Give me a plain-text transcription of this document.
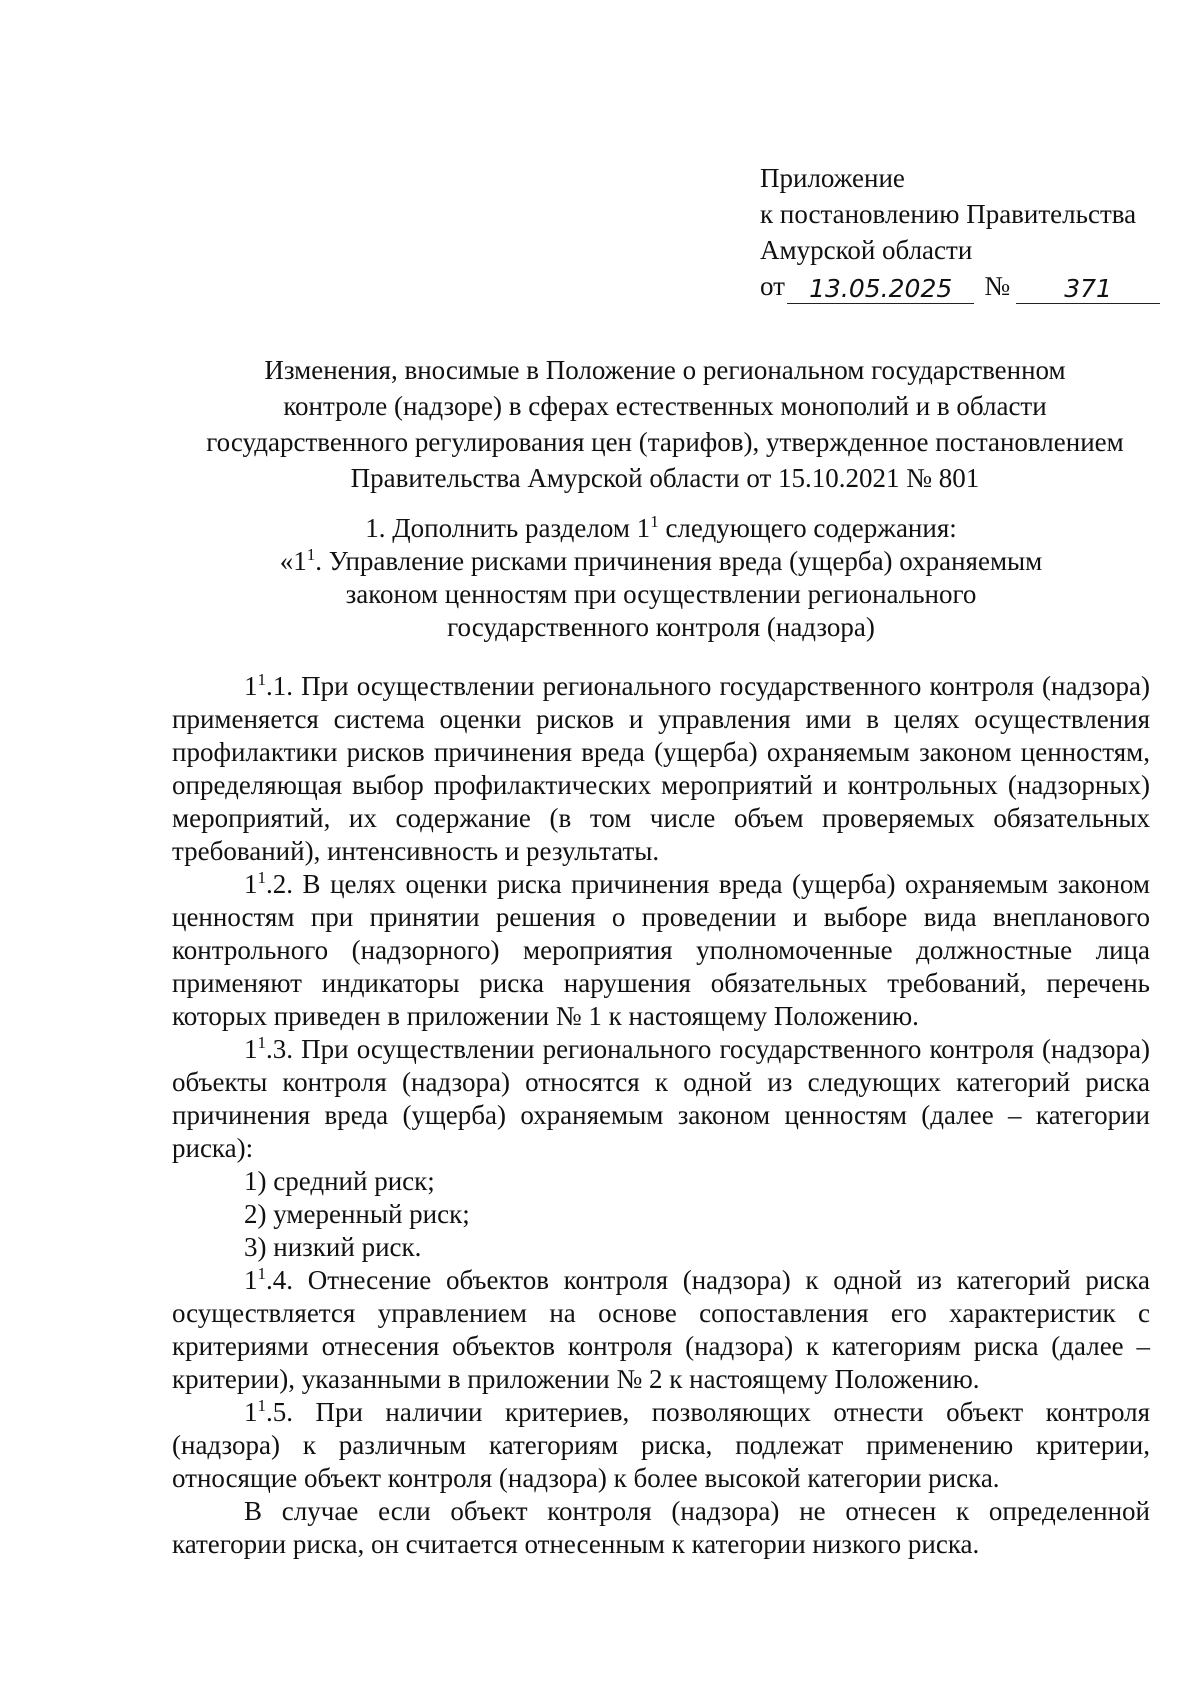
Приложение
к постановлению Правительства
Амурской области
от 13.05.2025	№	371
Изменения, вносимые в Положение о региональном государственном
контроле (надзоре) в сферах естественных монополий и в области
государственного регулирования цен (тарифов), утвержденное постановлением
Правительства Амурской области от 15.10.2021 № 801
1. Дополнить разделом $1^1$ следующего содержания:
«$1^1$. Управление рисками причинения вреда (ущерба) охраняемым
законом ценностям при осуществлении регионального
государственного контроля (надзора)

$1^1.1$. При осуществлении регионального государственного контроля (надзора) применяется система оценки рисков и управления ими в целях осуществления профилактики рисков причинения вреда (ущерба) охраняемым законом ценностям, определяющая выбор профилактических мероприятий и контрольных (надзорных) мероприятий, их содержание (в том числе объем проверяемых обязательных требований), интенсивность и результаты.

$1^1.2$. В целях оценки риска причинения вреда (ущерба) охраняемым законом ценностям при принятии решения о проведении и выборе вида внепланового контрольного (надзорного) мероприятия уполномоченные должностные лица применяют индикаторы риска нарушения обязательных требований, перечень которых приведен в приложении № 1 к настоящему Положению.

$1^1.3$. При осуществлении регионального государственного контроля (надзора) объекты контроля (надзора) относятся к одной из следующих категорий риска причинения вреда (ущерба) охраняемым законом ценностям (далее – категории риска):

1) средний риск;

2) умеренный риск;

3) низкий риск.

$1^1.4$. Отнесение объектов контроля (надзора) к одной из категорий риска осуществляется управлением на основе сопоставления его характеристик с критериями отнесения объектов контроля (надзора) к категориям риска (далее – критерии), указанными в приложении № 2 к настоящему Положению.

$1^1.5$. При наличии критериев, позволяющих отнести объект контроля (надзора) к различным категориям риска, подлежат применению критерии, относящие объект контроля (надзора) к более высокой категории риска.

В случае если объект контроля (надзора) не отнесен к определенной категории риска, он считается отнесенным к категории низкого риска.
